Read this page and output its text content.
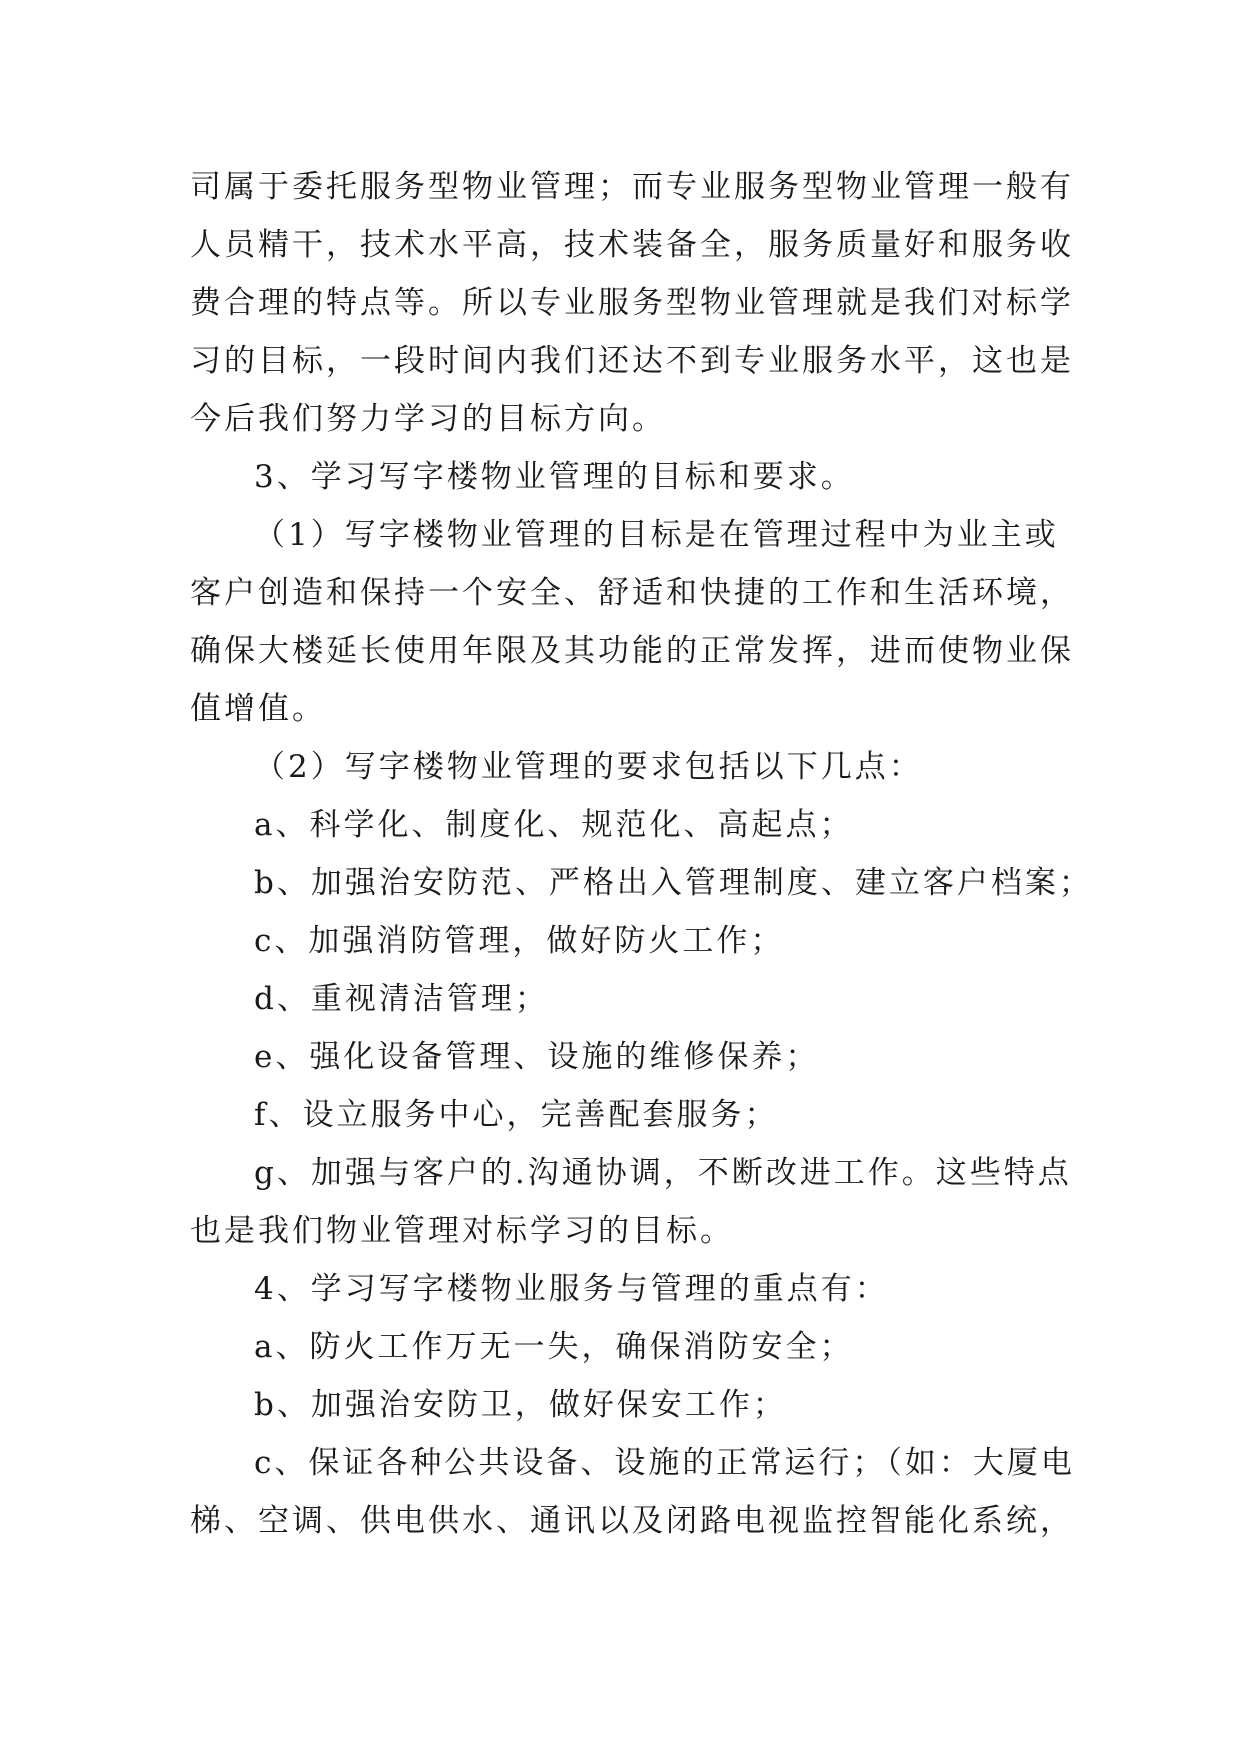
司属于委托服务型物业管理；而专业服务型物业管理一般有
人员精干，技术水平高，技术装备全，服务质量好和服务收
费合理的特点等。所以专业服务型物业管理就是我们对标学
习的目标，一段时间内我们还达不到专业服务水平，这也是
今后我们努力学习的目标方向。
3、学习写字楼物业管理的目标和要求。
（1）写字楼物业管理的目标是在管理过程中为业主或
客户创造和保持一个安全、舒适和快捷的工作和生活环境，
确保大楼延长使用年限及其功能的正常发挥，进而使物业保
值增值。
（2）写字楼物业管理的要求包括以下几点：
a、科学化、制度化、规范化、高起点；
b、加强治安防范、严格出入管理制度、建立客户档案；
c、加强消防管理，做好防火工作；
d、重视清洁管理；
e、强化设备管理、设施的维修保养；
f、设立服务中心，完善配套服务；
g、加强与客户的.沟通协调，不断改进工作。这些特点
也是我们物业管理对标学习的目标。
4、学习写字楼物业服务与管理的重点有：
a、防火工作万无一失，确保消防安全；
b、加强治安防卫，做好保安工作；
c、保证各种公共设备、设施的正常运行；（如：大厦电
梯、空调、供电供水、通讯以及闭路电视监控智能化系统，
